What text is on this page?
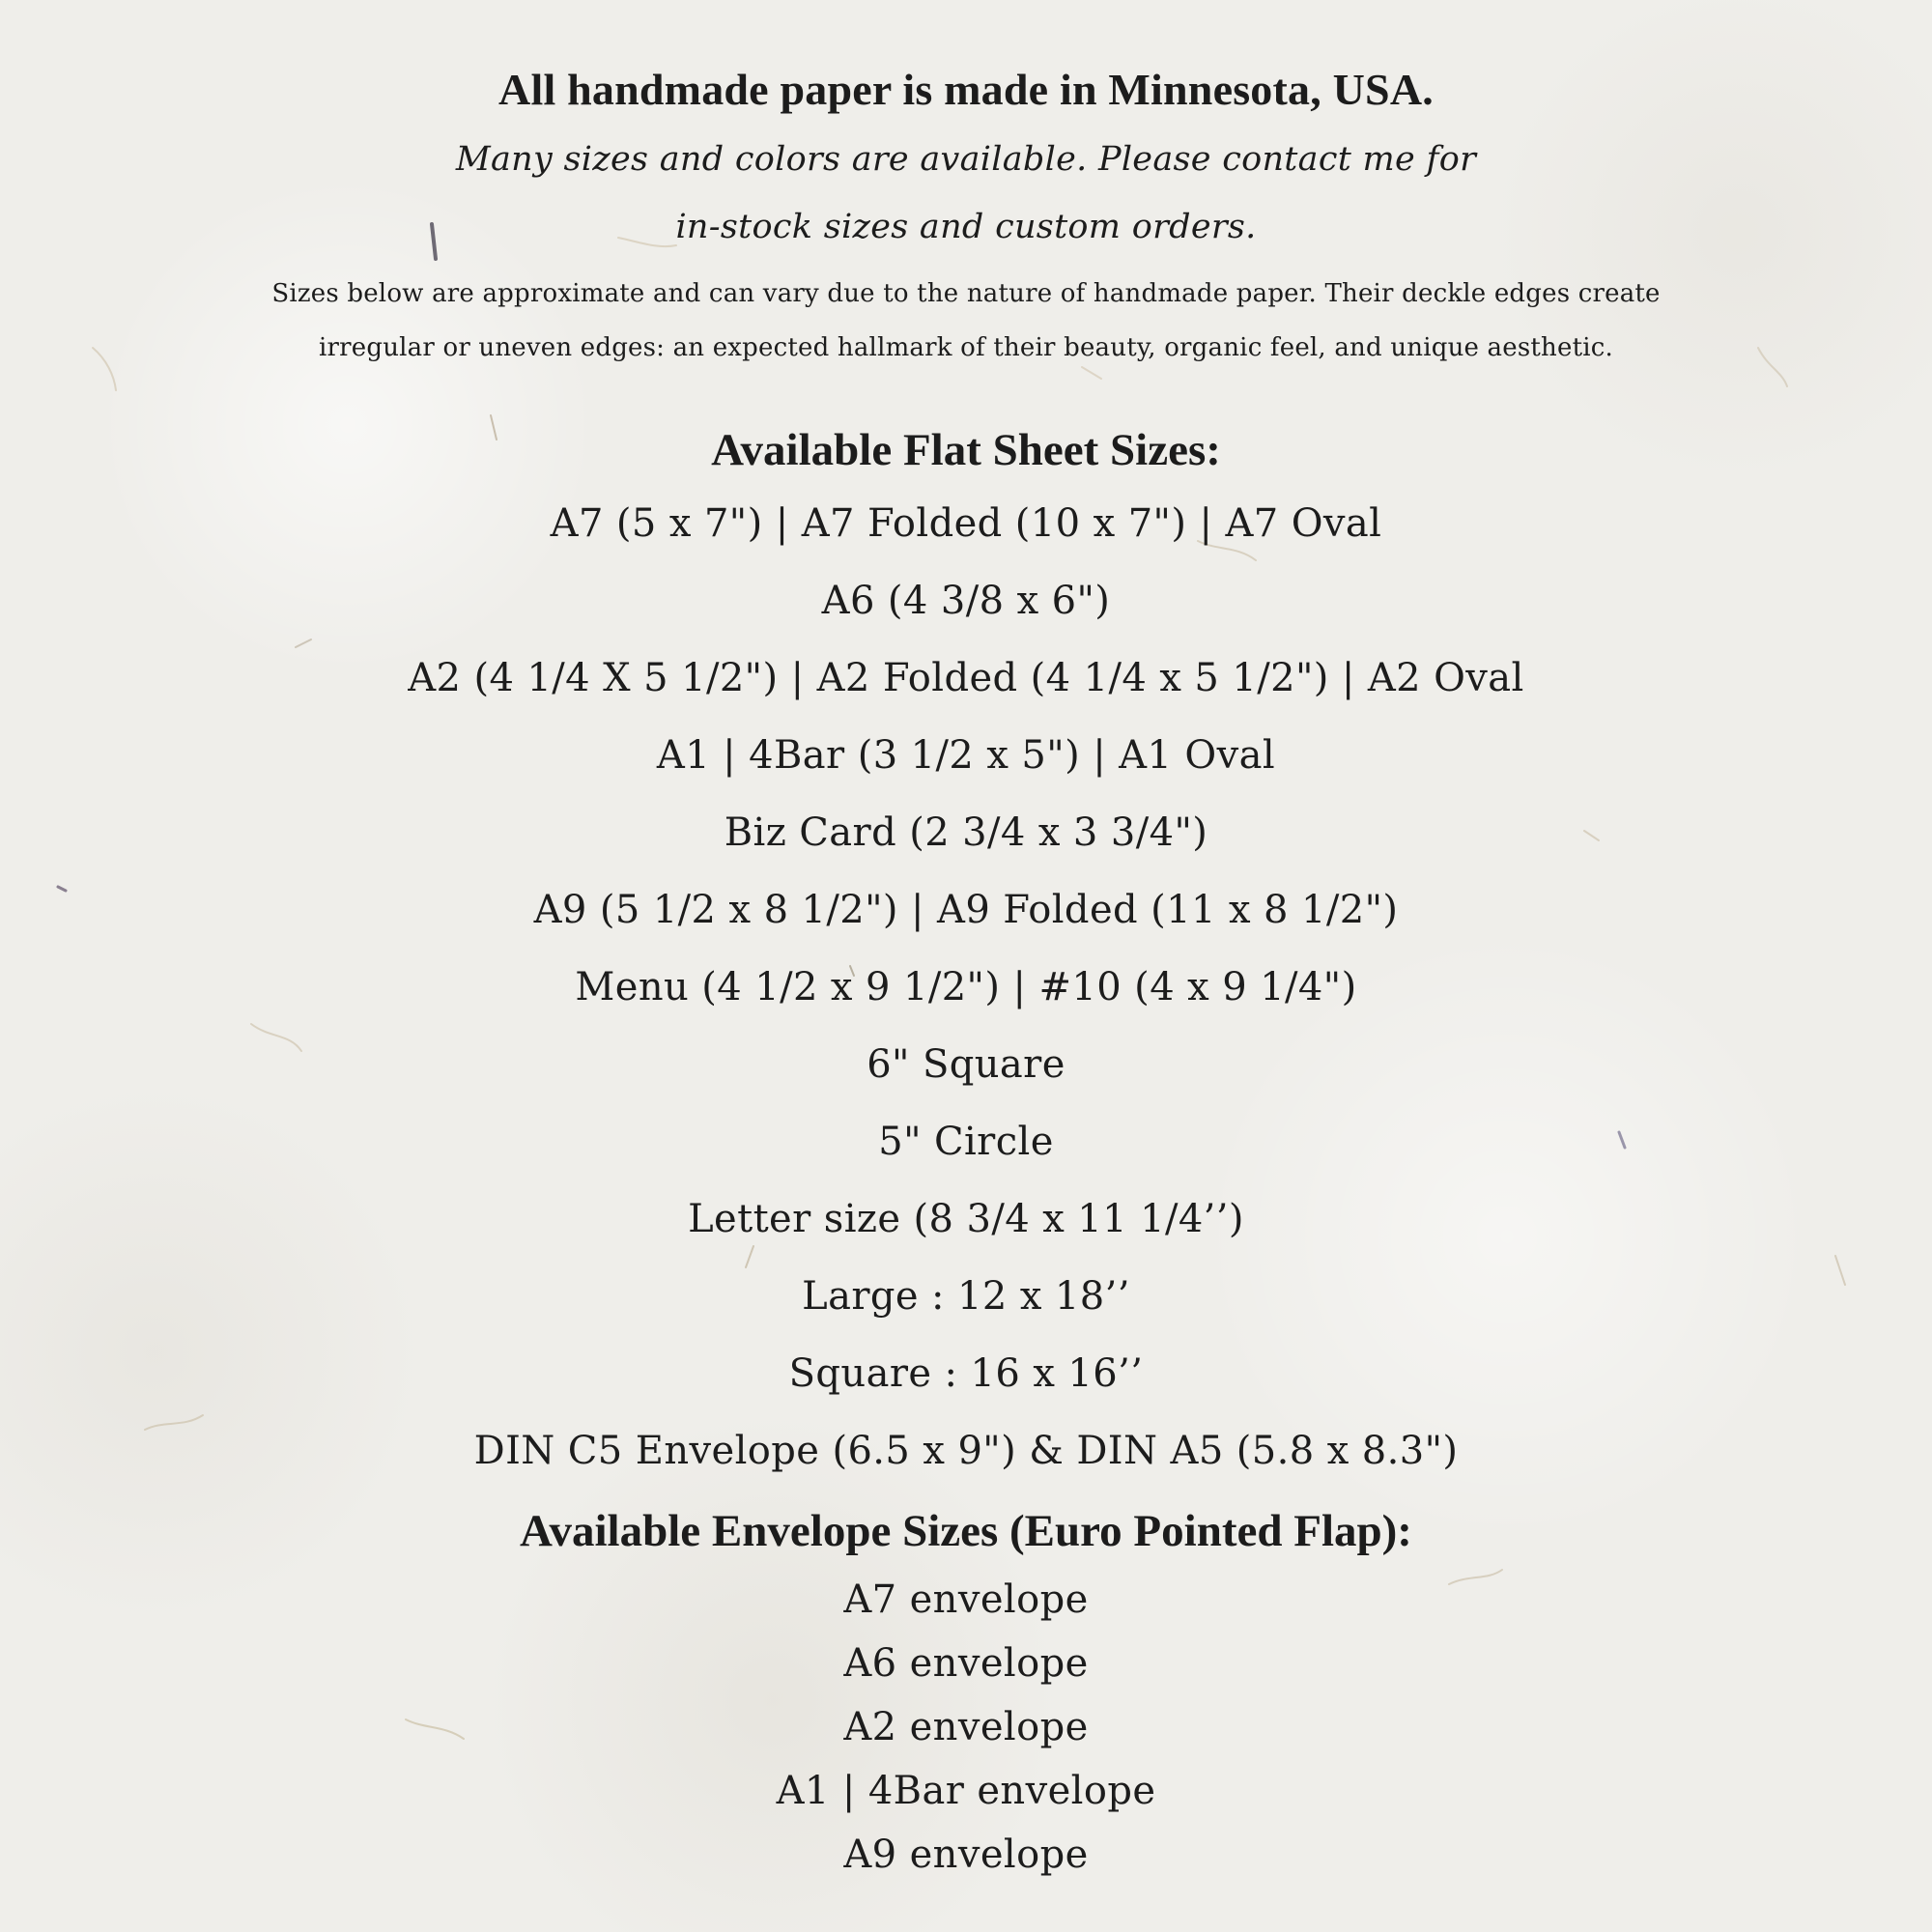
All handmade paper is made in Minnesota, USA.
Many sizes and colors are available. Please contact me for
in-stock sizes and custom orders.
Sizes below are approximate and can vary due to the nature of handmade paper. Their deckle edges create
irregular or uneven edges: an expected hallmark of their beauty, organic feel, and unique aesthetic.
Available Flat Sheet Sizes:
A7 (5 x 7") | A7 Folded (10 x 7") | A7 Oval
A6 (4 3/8 x 6")
A2 (4 1/4 X 5 1/2") | A2 Folded (4 1/4 x 5 1/2") | A2 Oval
A1 | 4Bar (3 1/2 x 5") | A1 Oval
Biz Card (2 3/4 x 3 3/4")
A9 (5 1/2 x 8 1/2") | A9 Folded (11 x 8 1/2")
Menu (4 1/2 x 9 1/2") | #10 (4 x 9 1/4")
6" Square
5" Circle
Letter size (8 3/4 x 11 1/4’’)
Large : 12 x 18’’
Square : 16 x 16’’
DIN C5 Envelope (6.5 x 9") & DIN A5 (5.8 x 8.3")
Available Envelope Sizes (Euro Pointed Flap):
A7 envelope
A6 envelope
A2 envelope
A1 | 4Bar envelope
A9 envelope
